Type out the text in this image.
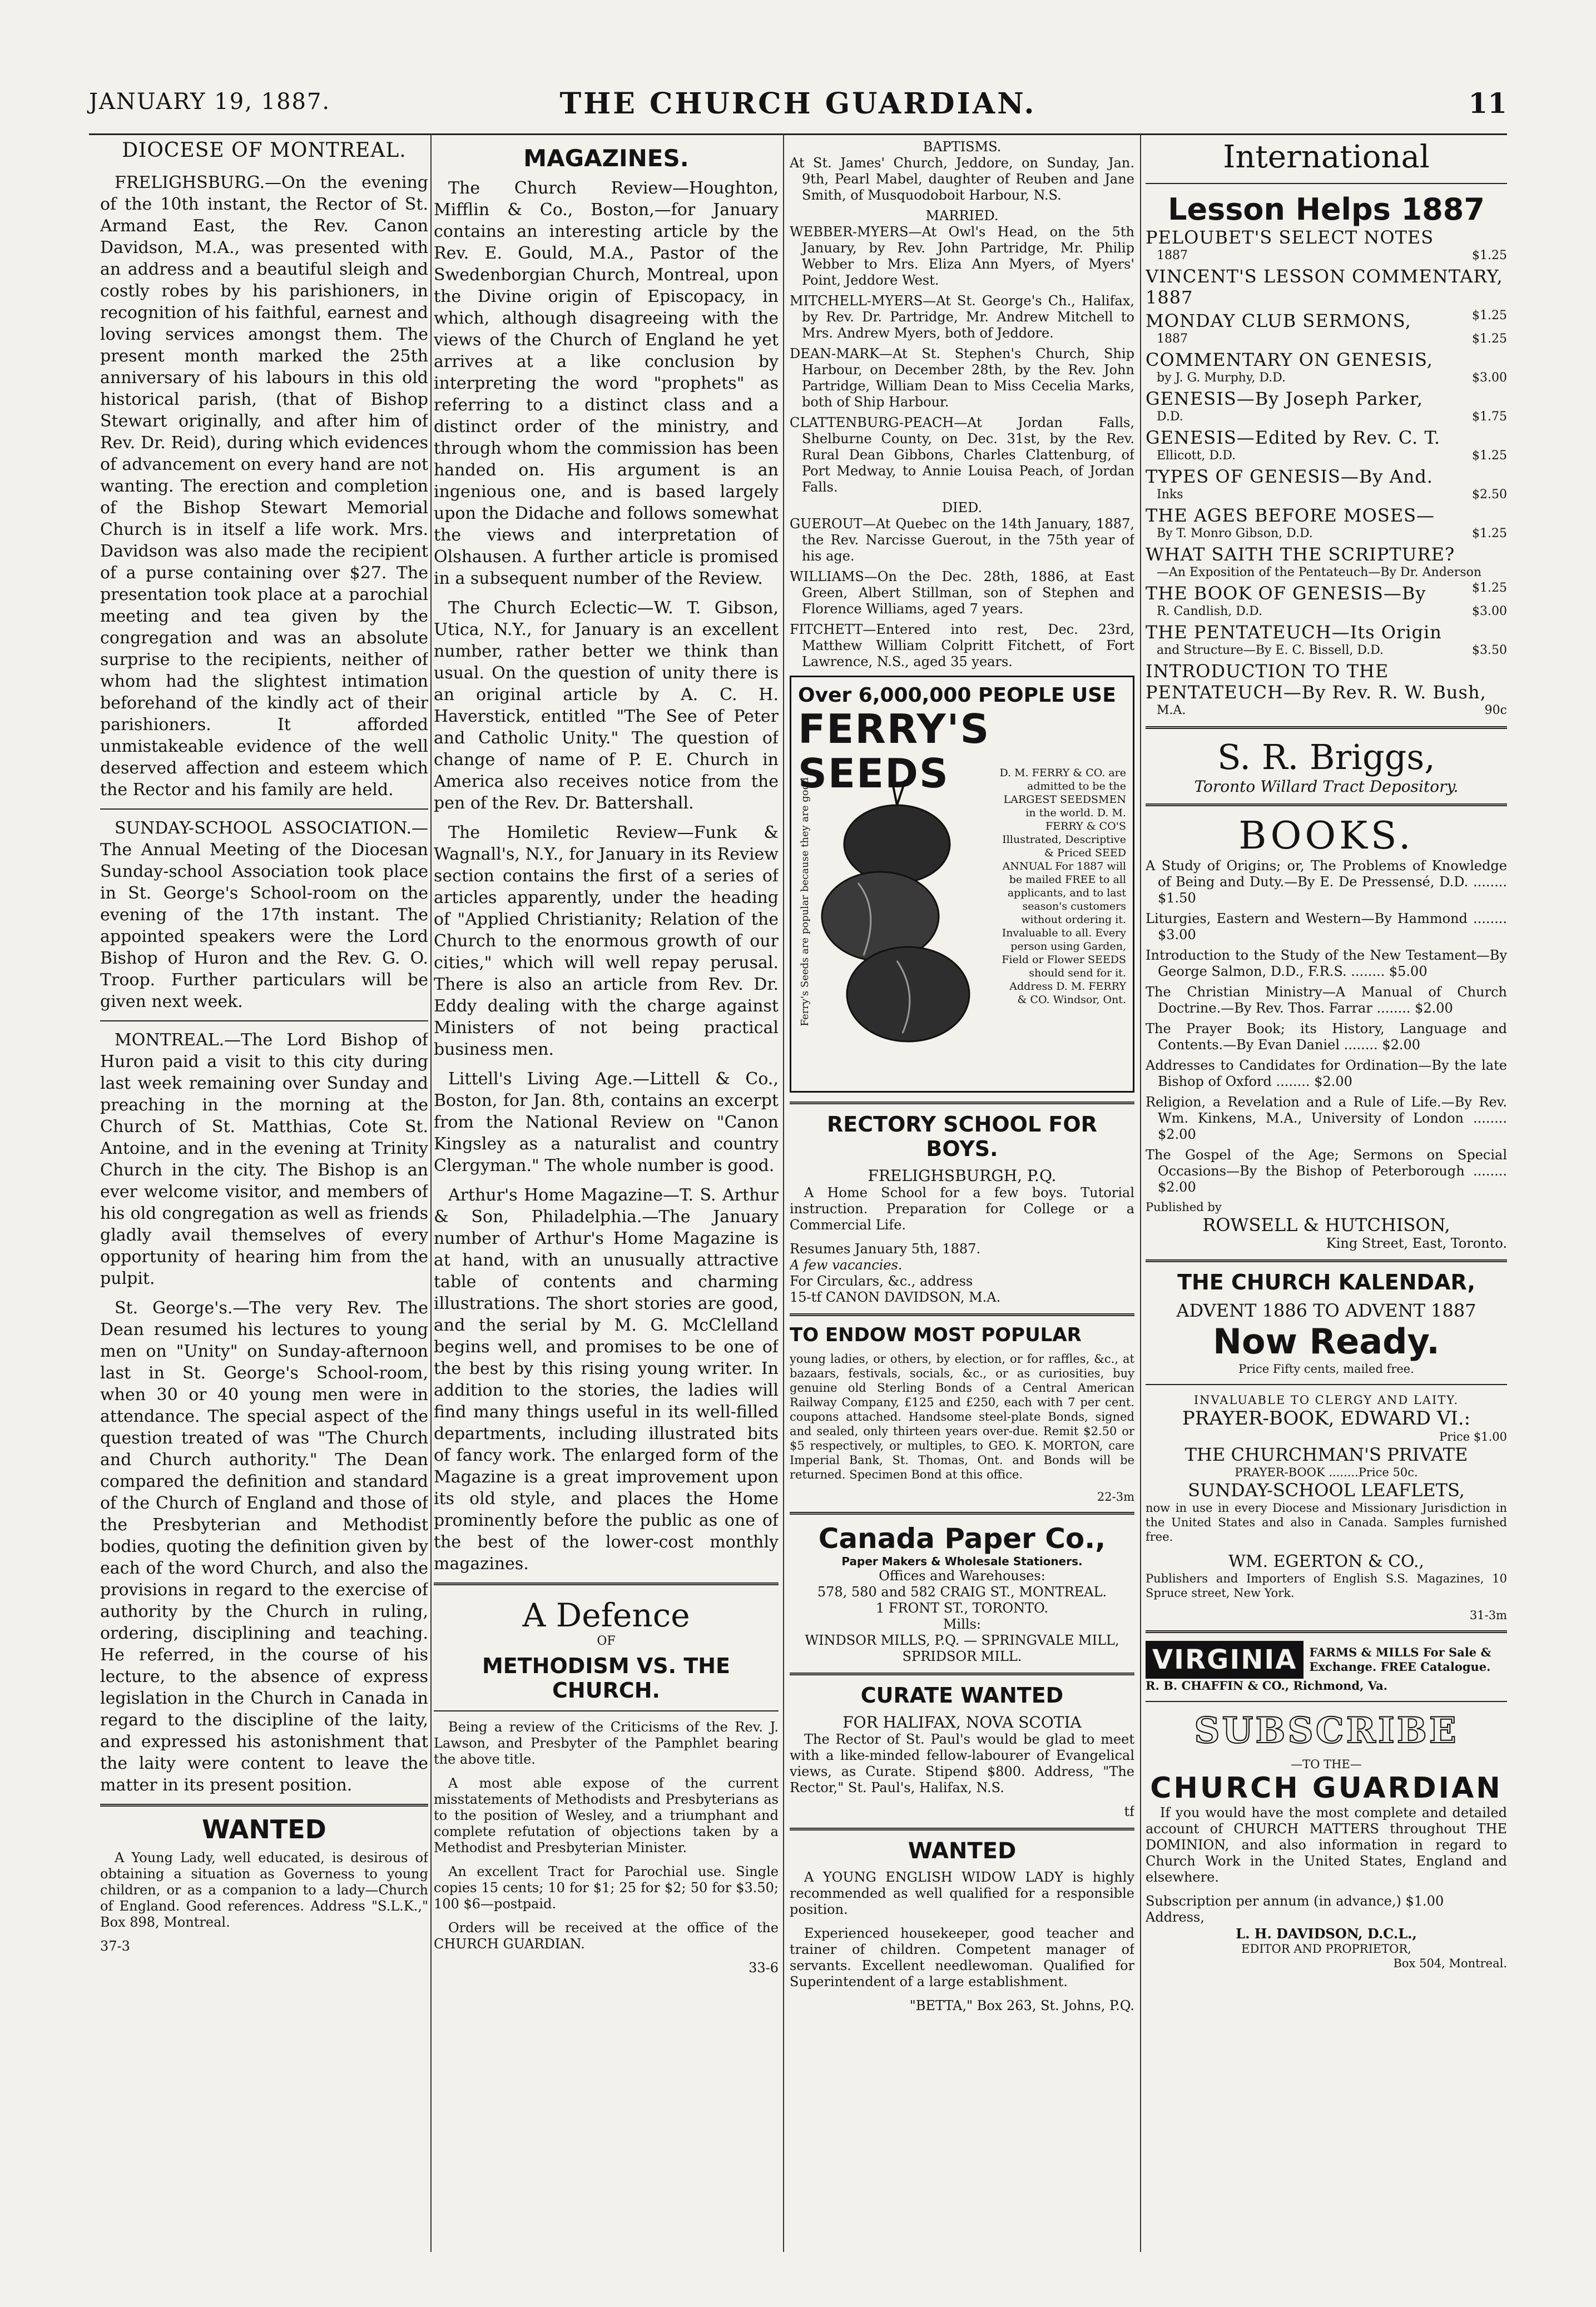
JANUARY 19, 1887.	THE CHURCH GUARDIAN.	11
DIOCESE OF MONTREAL.

FRELIGHSBURG.—On the evening of the 10th instant, the Rector of St. Armand East, the Rev. Canon Davidson, M.A., was presented with an address and a beautiful sleigh and costly robes by his parishioners, in recognition of his faithful, earnest and loving services amongst them. The present month marked the 25th anniversary of his labours in this old historical parish, (that of Bishop Stewart originally, and after him of Rev. Dr. Reid), during which evidences of advancement on every hand are not wanting. The erection and completion of the Bishop Stewart Memorial Church is in itself a life work. Mrs. Davidson was also made the recipient of a purse containing over $27. The presentation took place at a parochial meeting and tea given by the congregation and was an absolute surprise to the recipients, neither of whom had the slightest intimation beforehand of the kindly act of their parishioners. It afforded unmistakeable evidence of the well deserved affection and esteem which the Rector and his family are held.

SUNDAY-SCHOOL ASSOCIATION.—The Annual Meeting of the Diocesan Sunday-school Association took place in St. George's School-room on the evening of the 17th instant. The appointed speakers were the Lord Bishop of Huron and the Rev. G. O. Troop. Further particulars will be given next week.

MONTREAL.—The Lord Bishop of Huron paid a visit to this city during last week remaining over Sunday and preaching in the morning at the Church of St. Matthias, Cote St. Antoine, and in the evening at Trinity Church in the city. The Bishop is an ever welcome visitor, and members of his old congregation as well as friends gladly avail themselves of every opportunity of hearing him from the pulpit.

St. George's.—The very Rev. The Dean resumed his lectures to young men on "Unity" on Sunday-afternoon last in St. George's School-room, when 30 or 40 young men were in attendance. The special aspect of the question treated of was "The Church and Church authority." The Dean compared the definition and standard of the Church of England and those of the Presbyterian and Methodist bodies, quoting the definition given by each of the word Church, and also the provisions in regard to the exercise of authority by the Church in ruling, ordering, disciplining and teaching. He referred, in the course of his lecture, to the absence of express legislation in the Church in Canada in regard to the discipline of the laity, and expressed his astonishment that the laity were content to leave the matter in its present position.

WANTED

A Young Lady, well educated, is desirous of obtaining a situation as Governess to young children, or as a companion to a lady—Church of England. Good references. Address "S.L.K.," Box 898, Montreal.

37-3
MAGAZINES.

The Church Review—Houghton, Mifflin & Co., Boston,—for January contains an interesting article by the Rev. E. Gould, M.A., Pastor of the Swedenborgian Church, Montreal, upon the Divine origin of Episcopacy, in which, although disagreeing with the views of the Church of England he yet arrives at a like conclusion by interpreting the word "prophets" as referring to a distinct class and a distinct order of the ministry, and through whom the commission has been handed on. His argument is an ingenious one, and is based largely upon the Didache and follows somewhat the views and interpretation of Olshausen. A further article is promised in a subsequent number of the Review.

The Church Eclectic—W. T. Gibson, Utica, N.Y., for January is an excellent number, rather better we think than usual. On the question of unity there is an original article by A. C. H. Haverstick, entitled "The See of Peter and Catholic Unity." The question of change of name of P. E. Church in America also receives notice from the pen of the Rev. Dr. Battershall.

The Homiletic Review—Funk & Wagnall's, N.Y., for January in its Review section contains the first of a series of articles apparently, under the heading of "Applied Christianity; Relation of the Church to the enormous growth of our cities," which will well repay perusal. There is also an article from Rev. Dr. Eddy dealing with the charge against Ministers of not being practical business men.

Littell's Living Age.—Littell & Co., Boston, for Jan. 8th, contains an excerpt from the National Review on "Canon Kingsley as a naturalist and country Clergyman." The whole number is good.

Arthur's Home Magazine—T. S. Arthur & Son, Philadelphia.—The January number of Arthur's Home Magazine is at hand, with an unusually attractive table of contents and charming illustrations. The short stories are good, and the serial by M. G. McClelland begins well, and promises to be one of the best by this rising young writer. In addition to the stories, the ladies will find many things useful in its well-filled departments, including illustrated bits of fancy work. The enlarged form of the Magazine is a great improvement upon its old style, and places the Home prominently before the public as one of the best of the lower-cost monthly magazines.

A Defence
OF
METHODISM VS. THE CHURCH.

Being a review of the Criticisms of the Rev. J. Lawson, and Presbyter of the Pamphlet bearing the above title.

A most able expose of the current misstatements of Methodists and Presbyterians as to the position of Wesley, and a triumphant and complete refutation of objections taken by a Methodist and Presbyterian Minister.

An excellent Tract for Parochial use. Single copies 15 cents; 10 for $1; 25 for $2; 50 for $3.50; 100 $6—postpaid.

Orders will be received at the office of the CHURCH GUARDIAN.

33-6
BAPTISMS.
At St. James' Church, Jeddore, on Sunday, Jan. 9th, Pearl Mabel, daughter of Reuben and Jane Smith, of Musquodoboit Harbour, N.S.
MARRIED.
WEBBER-MYERS—At Owl's Head, on the 5th January, by Rev. John Partridge, Mr. Philip Webber to Mrs. Eliza Ann Myers, of Myers' Point, Jeddore West.
MITCHELL-MYERS—At St. George's Ch., Halifax, by Rev. Dr. Partridge, Mr. Andrew Mitchell to Mrs. Andrew Myers, both of Jeddore.
DEAN-MARK—At St. Stephen's Church, Ship Harbour, on December 28th, by the Rev. John Partridge, William Dean to Miss Cecelia Marks, both of Ship Harbour.
CLATTENBURG-PEACH—At Jordan Falls, Shelburne County, on Dec. 31st, by the Rev. Rural Dean Gibbons, Charles Clattenburg, of Port Medway, to Annie Louisa Peach, of Jordan Falls.
DIED.
GUEROUT—At Quebec on the 14th January, 1887, the Rev. Narcisse Guerout, in the 75th year of his age.
WILLIAMS—On the Dec. 28th, 1886, at East Green, Albert Stillman, son of Stephen and Florence Williams, aged 7 years.
FITCHETT—Entered into rest, Dec. 23rd, Matthew William Colpritt Fitchett, of Fort Lawrence, N.S., aged 35 years.
Over 6,000,000 PEOPLE USE
FERRY'S SEEDS
Ferry's Seeds are popular because they are good
D. M. FERRY & CO. are admitted to be the LARGEST SEEDSMEN in the world. D. M. FERRY & CO'S Illustrated, Descriptive & Priced SEED ANNUAL For 1887 will be mailed FREE to all applicants, and to last season's customers without ordering it. Invaluable to all. Every person using Garden, Field or Flower SEEDS should send for it. Address D. M. FERRY & CO. Windsor, Ont.
RECTORY SCHOOL FOR BOYS.
FRELIGHSBURGH, P.Q.

A Home School for a few boys. Tutorial instruction. Preparation for College or a Commercial Life.

Resumes January 5th, 1887.
A few vacancies.
For Circulars, &c., address
15-tf CANON DAVIDSON, M.A.
TO ENDOW MOST POPULAR

young ladies, or others, by election, or for raffles, &c., at bazaars, festivals, socials, &c., or as curiosities, buy genuine old Sterling Bonds of a Central American Railway Company, £125 and £250, each with 7 per cent. coupons attached. Handsome steel-plate Bonds, signed and sealed, only thirteen years over-due. Remit $2.50 or $5 respectively, or multiples, to GEO. K. MORTON, care Imperial Bank, St. Thomas, Ont. and Bonds will be returned. Specimen Bond at this office.

22-3m
Canada Paper Co.,
Paper Makers & Wholesale Stationers.
Offices and Warehouses:
578, 580 and 582 CRAIG ST., MONTREAL.
1 FRONT ST., TORONTO.
Mills:
WINDSOR MILLS, P.Q. — SPRINGVALE MILL, SPRIDSOR MILL.
CURATE WANTED
FOR HALIFAX, NOVA SCOTIA

The Rector of St. Paul's would be glad to meet with a like-minded fellow-labourer of Evangelical views, as Curate. Stipend $800. Address, "The Rector," St. Paul's, Halifax, N.S.

tf
WANTED

A YOUNG ENGLISH WIDOW LADY is highly recommended as well qualified for a responsible position.

Experienced housekeeper, good teacher and trainer of children. Competent manager of servants. Excellent needlewoman. Qualified for Superintendent of a large establishment.

"BETTA," Box 263, St. Johns, P.Q.
International
Lesson Helps 1887
PELOUBET'S SELECT NOTES
1887	$1.25
VINCENT'S LESSON COMMENTARY, 1887
$1.25
MONDAY CLUB SERMONS,
1887	$1.25
COMMENTARY ON GENESIS,
by J. G. Murphy, D.D.	$3.00
GENESIS—By Joseph Parker,
D.D.	$1.75
GENESIS—Edited by Rev. C. T.
Ellicott, D.D.	$1.25
TYPES OF GENESIS—By And.
Inks	$2.50
THE AGES BEFORE MOSES—
By T. Monro Gibson, D.D.	$1.25
WHAT SAITH THE SCRIPTURE?
—An Exposition of the Pentateuch—By Dr. Anderson
$1.25
THE BOOK OF GENESIS—By
R. Candlish, D.D.	$3.00
THE PENTATEUCH—Its Origin
and Structure—By E. C. Bissell, D.D.	$3.50
INTRODUCTION TO THE PENTATEUCH—By Rev. R. W. Bush,
M.A.	90c
S. R. Briggs,
Toronto Willard Tract Depository.
BOOKS.
A Study of Origins; or, The Problems of Knowledge of Being and Duty.—By E. De Pressensé, D.D. ........ $1.50
Liturgies, Eastern and Western—By Hammond ........ $3.00
Introduction to the Study of the New Testament—By George Salmon, D.D., F.R.S. ........ $5.00
The Christian Ministry—A Manual of Church Doctrine.—By Rev. Thos. Farrar ........ $2.00
The Prayer Book; its History, Language and Contents.—By Evan Daniel ........ $2.00
Addresses to Candidates for Ordination—By the late Bishop of Oxford ........ $2.00
Religion, a Revelation and a Rule of Life.—By Rev. Wm. Kinkens, M.A., University of London ........ $2.00
The Gospel of the Age; Sermons on Special Occasions—By the Bishop of Peterborough ........ $2.00
Published by
ROWSELL & HUTCHISON,
King Street, East, Toronto.
THE CHURCH KALENDAR,
ADVENT 1886 TO ADVENT 1887
Now Ready.
Price Fifty cents, mailed free.
INVALUABLE TO CLERGY AND LAITY.
PRAYER-BOOK, EDWARD VI.:
Price $1.00
THE CHURCHMAN'S PRIVATE
PRAYER-BOOK ........Price 50c.
SUNDAY-SCHOOL LEAFLETS,

now in use in every Diocese and Missionary Jurisdiction in the United States and also in Canada. Samples furnished free.

WM. EGERTON & CO.,

Publishers and Importers of English S.S. Magazines, 10 Spruce street, New York.

31-3m
VIRGINIA	FARMS & MILLS For Sale & Exchange. FREE Catalogue.
R. B. CHAFFIN & CO., Richmond, Va.
SUBSCRIBE
—TO THE—
CHURCH GUARDIAN

If you would have the most complete and detailed account of CHURCH MATTERS throughout THE DOMINION, and also information in regard to Church Work in the United States, England and elsewhere.

Subscription per annum (in advance,) $1.00
Address,
L. H. DAVIDSON, D.C.L.,
EDITOR AND PROPRIETOR,
Box 504, Montreal.
